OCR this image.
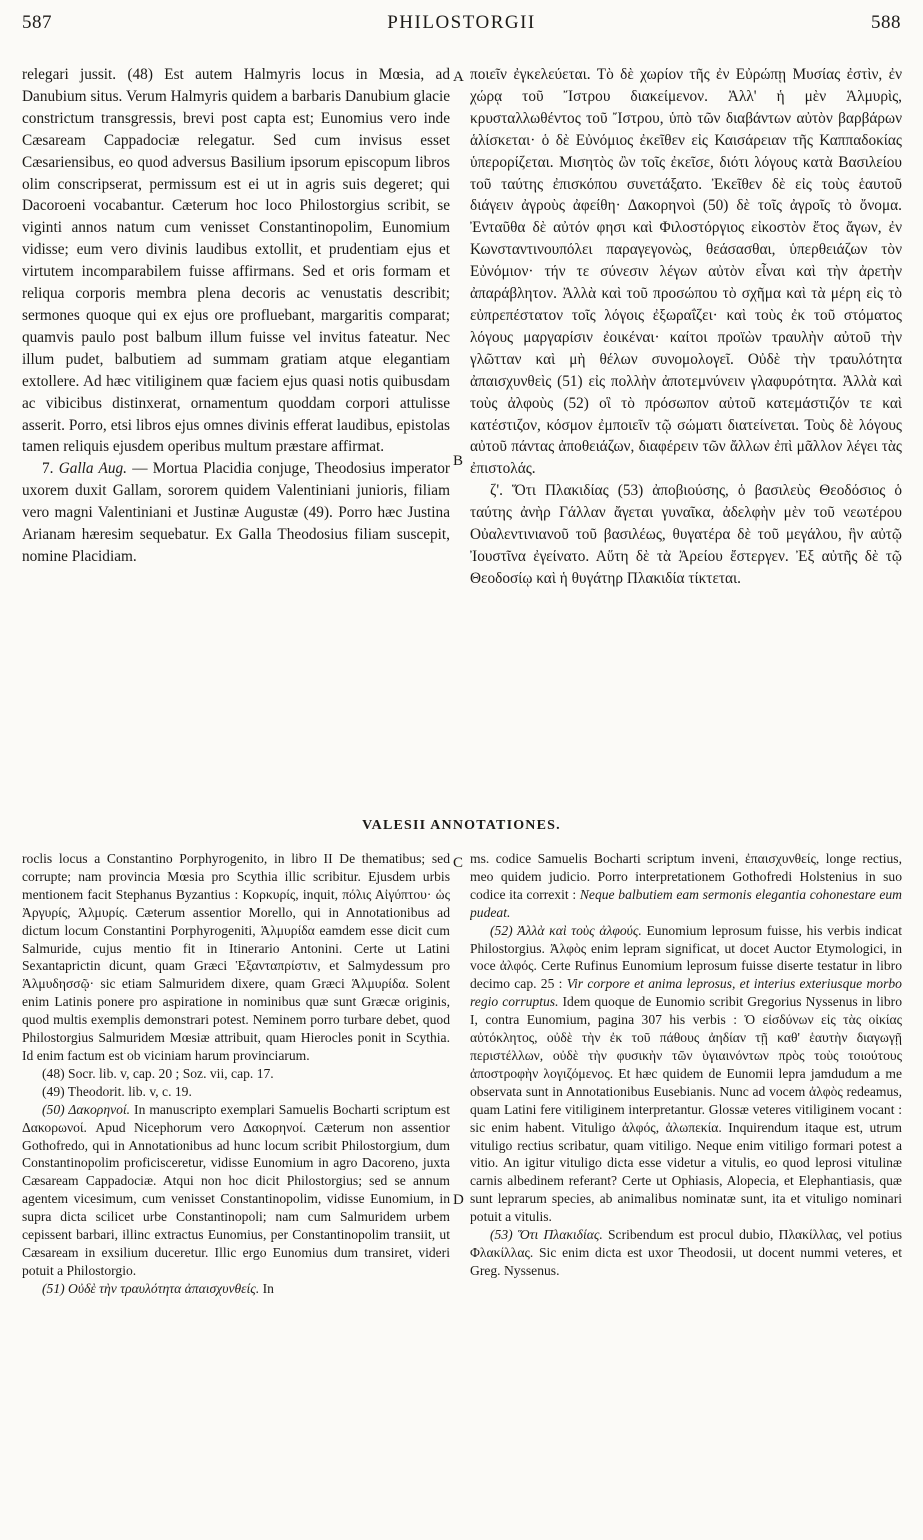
587	PHILOSTORGII	588

relegari jussit. (48) Est autem Halmyris locus in Mœsia, ad Danubium situs. Verum Halmyris quidem a barbaris Danubium glacie constrictum transgressis, brevi post capta est; Eunomius vero inde Cæsaream Cappadociæ relegatur. Sed cum invisus esset Cæsariensibus, eo quod adversus Basilium ipsorum episcopum libros olim conscripserat, permissum est ei ut in agris suis degeret; qui Dacoroeni vocabantur. Cæterum hoc loco Philostorgius scribit, se viginti annos natum cum venisset Constantinopolim, Eunomium vidisse; eum vero divinis laudibus extollit, et prudentiam ejus et virtutem incomparabilem fuisse affirmans. Sed et oris formam et reliqua corporis membra plena decoris ac venustatis describit; sermones quoque qui ex ejus ore profluebant, margaritis comparat; quamvis paulo post balbum illum fuisse vel invitus fateatur. Nec illum pudet, balbutiem ad summam gratiam atque elegantiam extollere. Ad hæc vitiliginem quæ faciem ejus quasi notis quibusdam ac vibicibus distinxerat, ornamentum quoddam corpori attulisse asserit. Porro, etsi libros ejus omnes divinis efferat laudibus, epistolas tamen reliquis ejusdem operibus multum præstare affirmat.

7. Galla Aug. — Mortua Placidia conjuge, Theodosius imperator uxorem duxit Gallam, sororem quidem Valentiniani junioris, filiam vero magni Valentiniani et Justinæ Augustæ (49). Porro hæc Justina Arianam hæresim sequebatur. Ex Galla Theodosius filiam suscepit, nomine Placidiam.

A
B

ποιεῖν ἐγκελεύεται. Τὸ δὲ χωρίον τῆς ἐν Εὐρώπῃ Μυσίας ἐστὶν, ἐν χώρᾳ τοῦ Ἴστρου διακείμενον. Ἀλλ' ἡ μὲν Ἁλμυρὶς, κρυσταλλωθέντος τοῦ Ἴστρου, ὑπὸ τῶν διαβάντων αὐτὸν βαρβάρων ἁλίσκεται· ὁ δὲ Εὐνόμιος ἐκεῖθεν εἰς Καισάρειαν τῆς Καππαδοκίας ὑπερορίζεται. Μισητὸς ὢν τοῖς ἐκεῖσε, διότι λόγους κατὰ Βασιλείου τοῦ ταύτης ἐπισκόπου συνετάξατο. Ἐκεῖθεν δὲ εἰς τοὺς ἑαυτοῦ διάγειν ἀγροὺς ἀφείθη· Δακορηνοὶ (50) δὲ τοῖς ἀγροῖς τὸ ὄνομα. Ἐνταῦθα δὲ αὐτόν φησι καὶ Φιλοστόργιος εἰκοστὸν ἔτος ἄγων, ἐν Κωνσταντινουπόλει παραγεγονὼς, θεάσασθαι, ὑπερθειάζων τὸν Εὐνόμιον· τήν τε σύνεσιν λέγων αὐτὸν εἶναι καὶ τὴν ἀρετὴν ἀπαράβλητον. Ἀλλὰ καὶ τοῦ προσώπου τὸ σχῆμα καὶ τὰ μέρη εἰς τὸ εὐπρεπέστατον τοῖς λόγοις ἐξωραΐζει· καὶ τοὺς ἐκ τοῦ στόματος λόγους μαργαρίσιν ἐοικέναι· καίτοι προϊὼν τραυλὴν αὐτοῦ τὴν γλῶτταν καὶ μὴ θέλων συνομολογεῖ. Οὐδὲ τὴν τραυλότητα ἀπαισχυνθεὶς (51) εἰς πολλὴν ἀποτεμνύνειν γλαφυρότητα. Ἀλλὰ καὶ τοὺς ἀλφοὺς (52) οἳ τὸ πρόσωπον αὐτοῦ κατεμάστιζόν τε καὶ κατέστιζον, κόσμον ἐμποιεῖν τῷ σώματι διατείνεται. Τοὺς δὲ λόγους αὐτοῦ πάντας ἀποθειάζων, διαφέρειν τῶν ἄλλων ἐπὶ μᾶλλον λέγει τὰς ἐπιστολάς.

ζ'. Ὅτι Πλακιδίας (53) ἀποβιούσης, ὁ βασιλεὺς Θεοδόσιος ὁ ταύτης ἀνὴρ Γάλλαν ἄγεται γυναῖκα, ἀδελφὴν μὲν τοῦ νεωτέρου Οὐαλεντινιανοῦ τοῦ βασιλέως, θυγατέρα δὲ τοῦ μεγάλου, ἣν αὐτῷ Ἰουστῖνα ἐγείνατο. Αὕτη δὲ τὰ Ἀρείου ἔστεργεν. Ἐξ αὐτῆς δὲ τῷ Θεοδοσίῳ καὶ ἡ θυγάτηρ Πλακιδία τίκτεται.

VALESII ANNOTATIONES.

roclis locus a Constantino Porphyrogenito, in libro II De thematibus; sed corrupte; nam provincia Mœsia pro Scythia illic scribitur. Ejusdem urbis mentionem facit Stephanus Byzantius : Κορκυρίς, inquit, πόλις Αἰγύπτου· ὡς Ἀργυρίς, Ἁλμυρίς. Cæterum assentior Morello, qui in Annotationibus ad dictum locum Constantini Porphyrogeniti, Ἁλμυρίδα eamdem esse dicit cum Salmuride, cujus mentio fit in Itinerario Antonini. Certe ut Latini Sexantaprictin dicunt, quam Græci Ἑξανταπρίστιν, et Salmydessum pro Ἁλμυδησσῷ· sic etiam Salmuridem dixere, quam Græci Ἁλμυρίδα. Solent enim Latinis ponere pro aspiratione in nominibus quæ sunt Græcæ originis, quod multis exemplis demonstrari potest. Neminem porro turbare debet, quod Philostorgius Salmuridem Mœsiæ attribuit, quam Hierocles ponit in Scythia. Id enim factum est ob viciniam harum provinciarum.

(48) Socr. lib. v, cap. 20 ; Soz. vii, cap. 17.

(49) Theodorit. lib. v, c. 19.

(50) Δακορηνοί. In manuscripto exemplari Samuelis Bocharti scriptum est Δακορωνοί. Apud Nicephorum vero Δακορηνοί. Cæterum non assentior Gothofredo, qui in Annotationibus ad hunc locum scribit Philostorgium, dum Constantinopolim proficisceretur, vidisse Eunomium in agro Dacoreno, juxta Cæsaream Cappadociæ. Atqui non hoc dicit Philostorgius; sed se annum agentem vicesimum, cum venisset Constantinopolim, vidisse Eunomium, in supra dicta scilicet urbe Constantinopoli; nam cum Salmuridem urbem cepissent barbari, illinc extractus Eunomius, per Constantinopolim transiit, ut Cæsaream in exsilium duceretur. Illic ergo Eunomius dum transiret, videri potuit a Philostorgio.

(51) Οὐδὲ τὴν τραυλότητα ἀπαισχυνθείς. In

C
D

ms. codice Samuelis Bocharti scriptum inveni, ἐπαισχυνθείς, longe rectius, meo quidem judicio. Porro interpretationem Gothofredi Holstenius in suo codice ita correxit : Neque balbutiem eam sermonis elegantia cohonestare eum pudeat.

(52) Ἀλλὰ καὶ τοὺς ἀλφούς. Eunomium leprosum fuisse, his verbis indicat Philostorgius. Ἀλφὸς enim lepram significat, ut docet Auctor Etymologici, in voce ἀλφός. Certe Rufinus Eunomium leprosum fuisse diserte testatur in libro decimo cap. 25 : Vir corpore et anima leprosus, et interius exteriusque morbo regio corruptus. Idem quoque de Eunomio scribit Gregorius Nyssenus in libro I, contra Eunomium, pagina 307 his verbis : Ὁ εἰσδύνων εἰς τὰς οἰκίας αὐτόκλητος, οὐδὲ τὴν ἐκ τοῦ πάθους ἀηδίαν τῇ καθ' ἑαυτὴν διαγωγῇ περιστέλλων, οὐδὲ τὴν φυσικὴν τῶν ὑγιαινόντων πρὸς τοὺς τοιούτους ἀποστροφὴν λογιζόμενος. Et hæc quidem de Eunomii lepra jamdudum a me observata sunt in Annotationibus Eusebianis. Nunc ad vocem ἀλφὸς redeamus, quam Latini fere vitiliginem interpretantur. Glossæ veteres vitiliginem vocant : sic enim habent. Vituligo ἀλφός, ἀλωπεκία. Inquirendum itaque est, utrum vituligo rectius scribatur, quam vitiligo. Neque enim vitiligo formari potest a vitio. An igitur vituligo dicta esse videtur a vitulis, eo quod leprosi vitulinæ carnis albedinem referant? Certe ut Ophiasis, Alopecia, et Elephantiasis, quæ sunt leprarum species, ab animalibus nominatæ sunt, ita et vituligo nominari potuit a vitulis.

(53) Ὅτι Πλακιδίας. Scribendum est procul dubio, Πλακίλλας, vel potius Φλακίλλας. Sic enim dicta est uxor Theodosii, ut docent nummi veteres, et Greg. Nyssenus.
